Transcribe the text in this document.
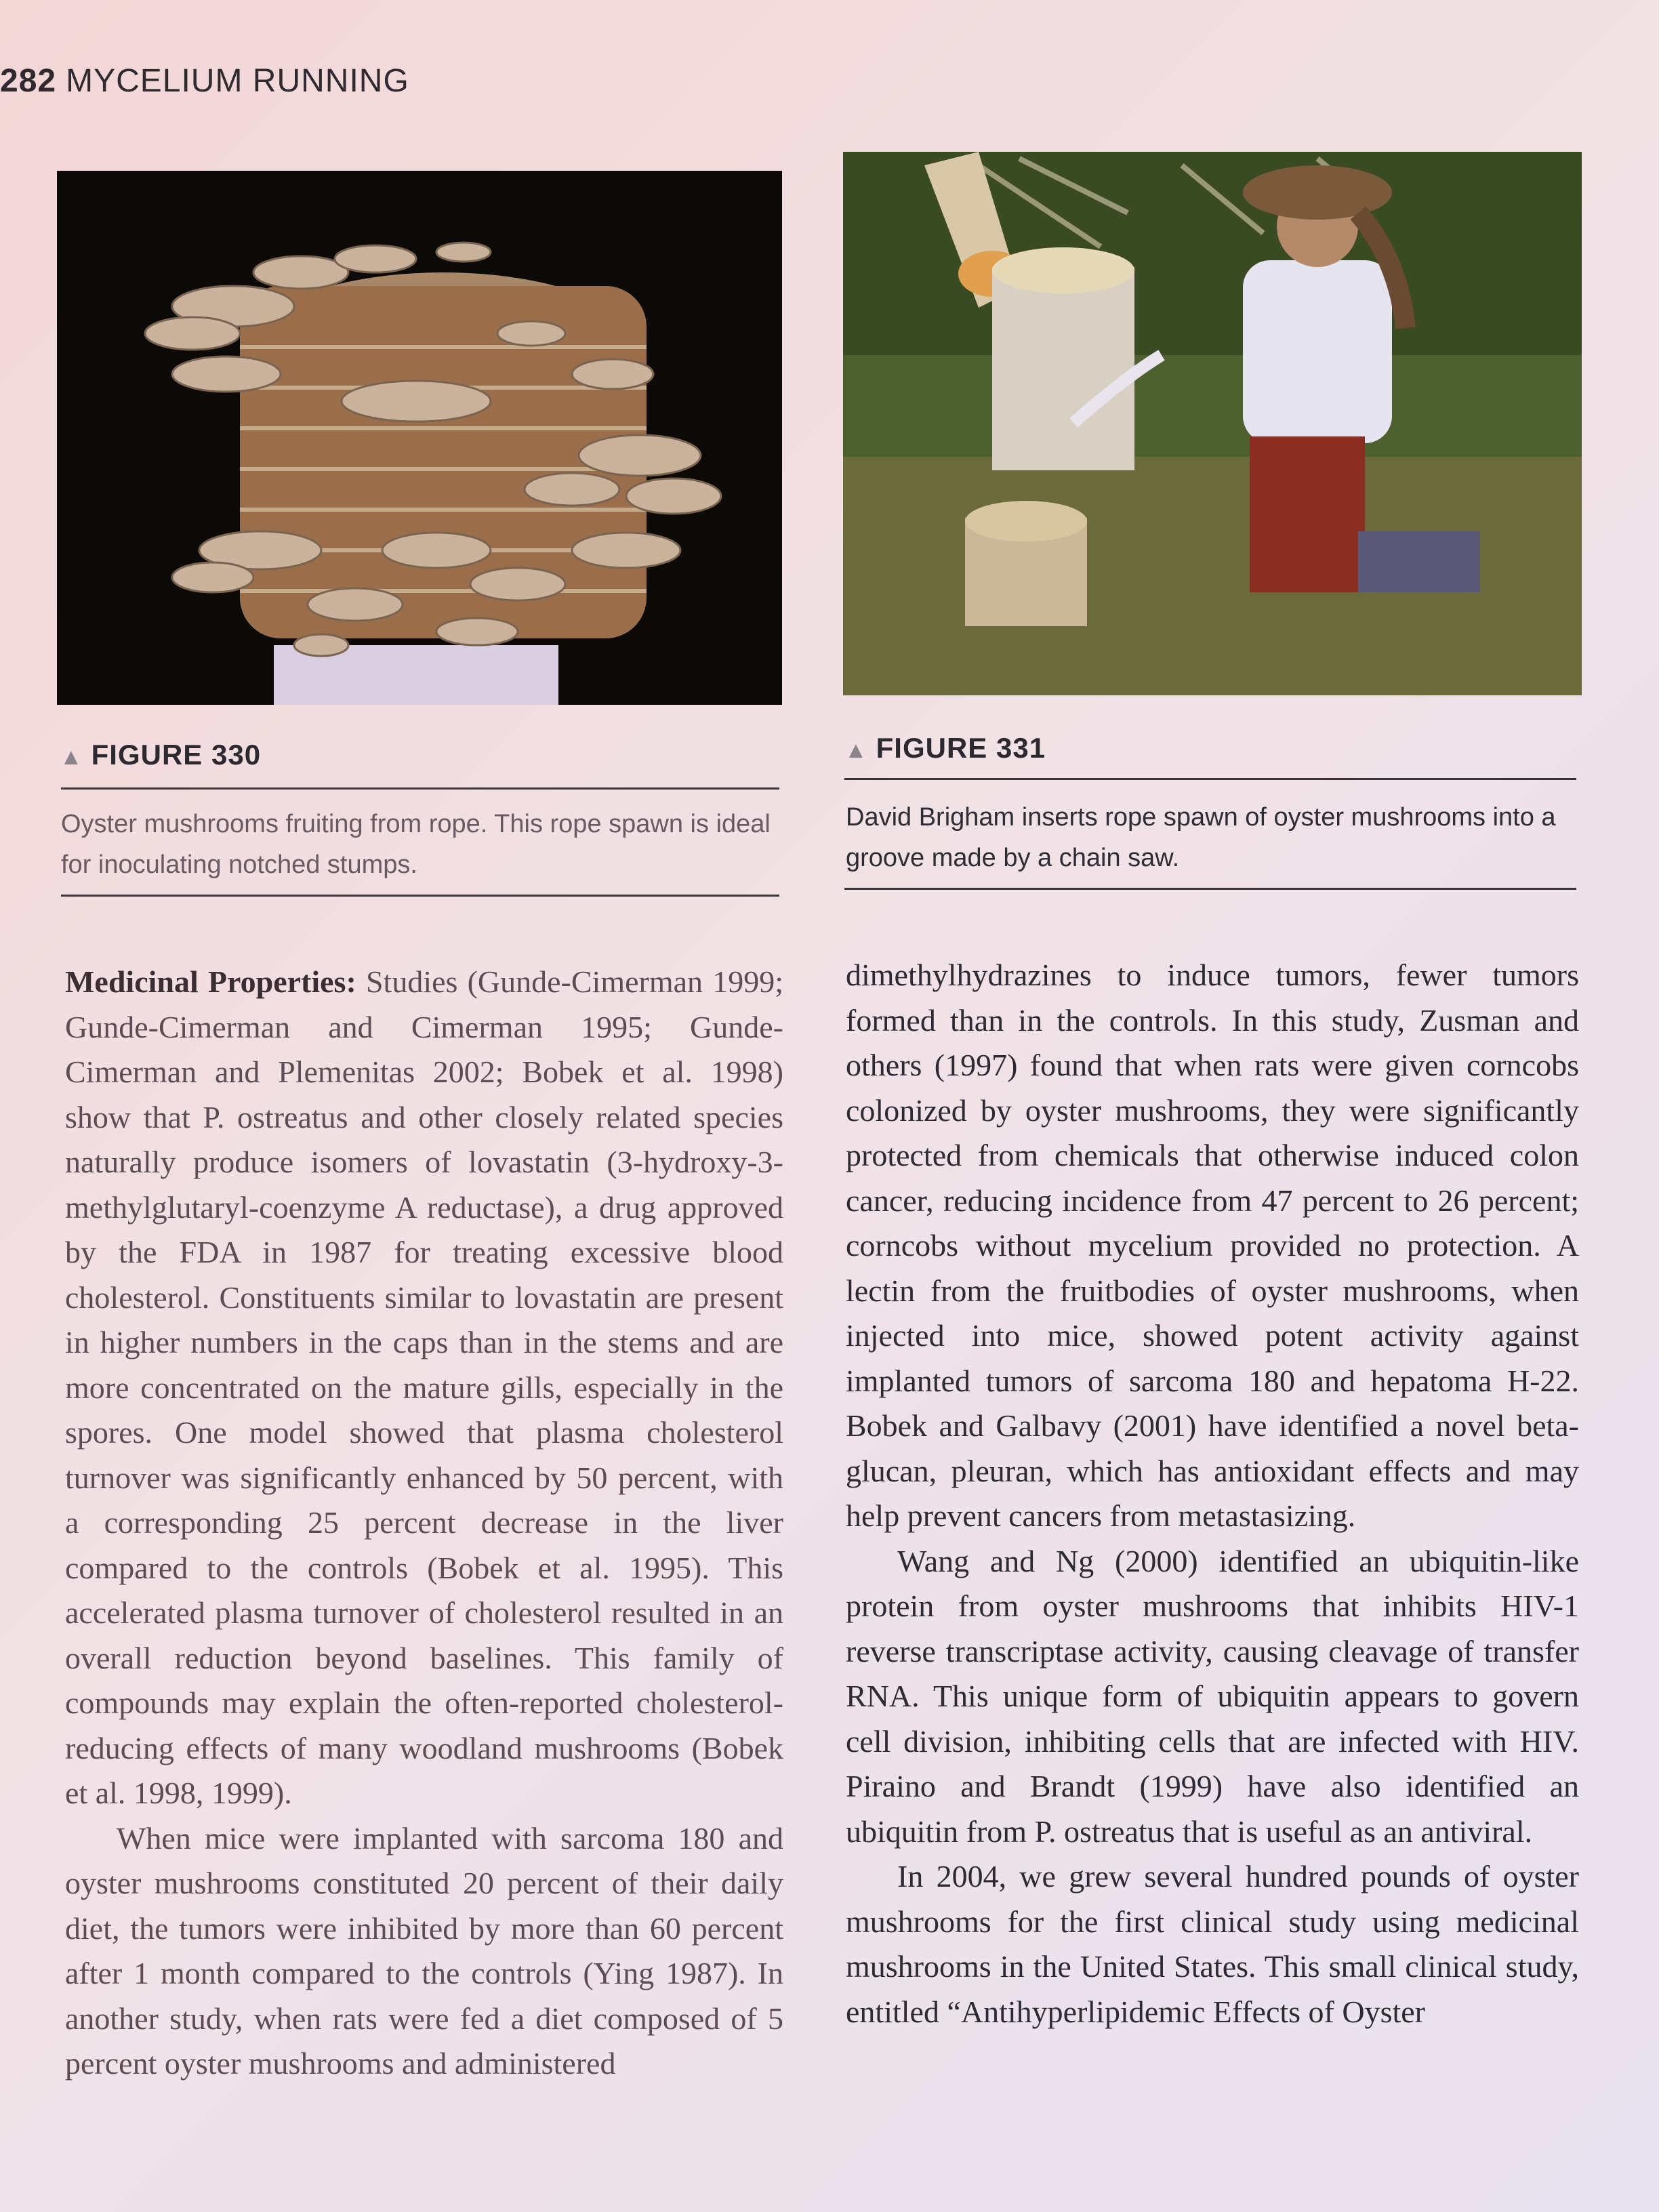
282 MYCELIUM RUNNING
▲ FIGURE 330	▲ FIGURE 331
Oyster mushrooms fruiting from rope. This rope spawn is ideal for inoculating notched stumps.
David Brigham inserts rope spawn of oyster mushrooms into a groove made by a chain saw.

Medicinal Properties: Studies (Gunde-Cimerman 1999; Gunde-Cimerman and Cimerman 1995; Gunde-Cimerman and Plemenitas 2002; Bobek et al. 1998) show that P. ostreatus and other closely related species naturally produce isomers of lovastatin (3-hydroxy-3-methylglutaryl-coenzyme A reductase), a drug approved by the FDA in 1987 for treating excessive blood cholesterol. Constituents similar to lovastatin are present in higher numbers in the caps than in the stems and are more concentrated on the mature gills, especially in the spores. One model showed that plasma cholesterol turnover was significantly enhanced by 50 percent, with a corresponding 25 percent decrease in the liver compared to the controls (Bobek et al. 1995). This accelerated plasma turnover of cholesterol resulted in an overall reduction beyond baselines. This family of compounds may explain the often-reported cholesterol-reducing effects of many woodland mushrooms (Bobek et al. 1998, 1999).

When mice were implanted with sarcoma 180 and oyster mushrooms constituted 20 percent of their daily diet, the tumors were inhibited by more than 60 percent after 1 month compared to the controls (Ying 1987). In another study, when rats were fed a diet composed of 5 percent oyster mushrooms and administered

dimethylhydrazines to induce tumors, fewer tumors formed than in the controls. In this study, Zusman and others (1997) found that when rats were given corncobs colonized by oyster mushrooms, they were significantly protected from chemicals that otherwise induced colon cancer, reducing incidence from 47 percent to 26 percent; corncobs without mycelium provided no protection. A lectin from the fruitbodies of oyster mushrooms, when injected into mice, showed potent activity against implanted tumors of sarcoma 180 and hepatoma H-22. Bobek and Galbavy (2001) have identified a novel beta-glucan, pleuran, which has antioxidant effects and may help prevent cancers from metastasizing.

Wang and Ng (2000) identified an ubiquitin-like protein from oyster mushrooms that inhibits HIV-1 reverse transcriptase activity, causing cleavage of transfer RNA. This unique form of ubiquitin appears to govern cell division, inhibiting cells that are infected with HIV. Piraino and Brandt (1999) have also identified an ubiquitin from P. ostreatus that is useful as an antiviral.

In 2004, we grew several hundred pounds of oyster mushrooms for the first clinical study using medicinal mushrooms in the United States. This small clinical study, entitled “Antihyperlipidemic Effects of Oyster
